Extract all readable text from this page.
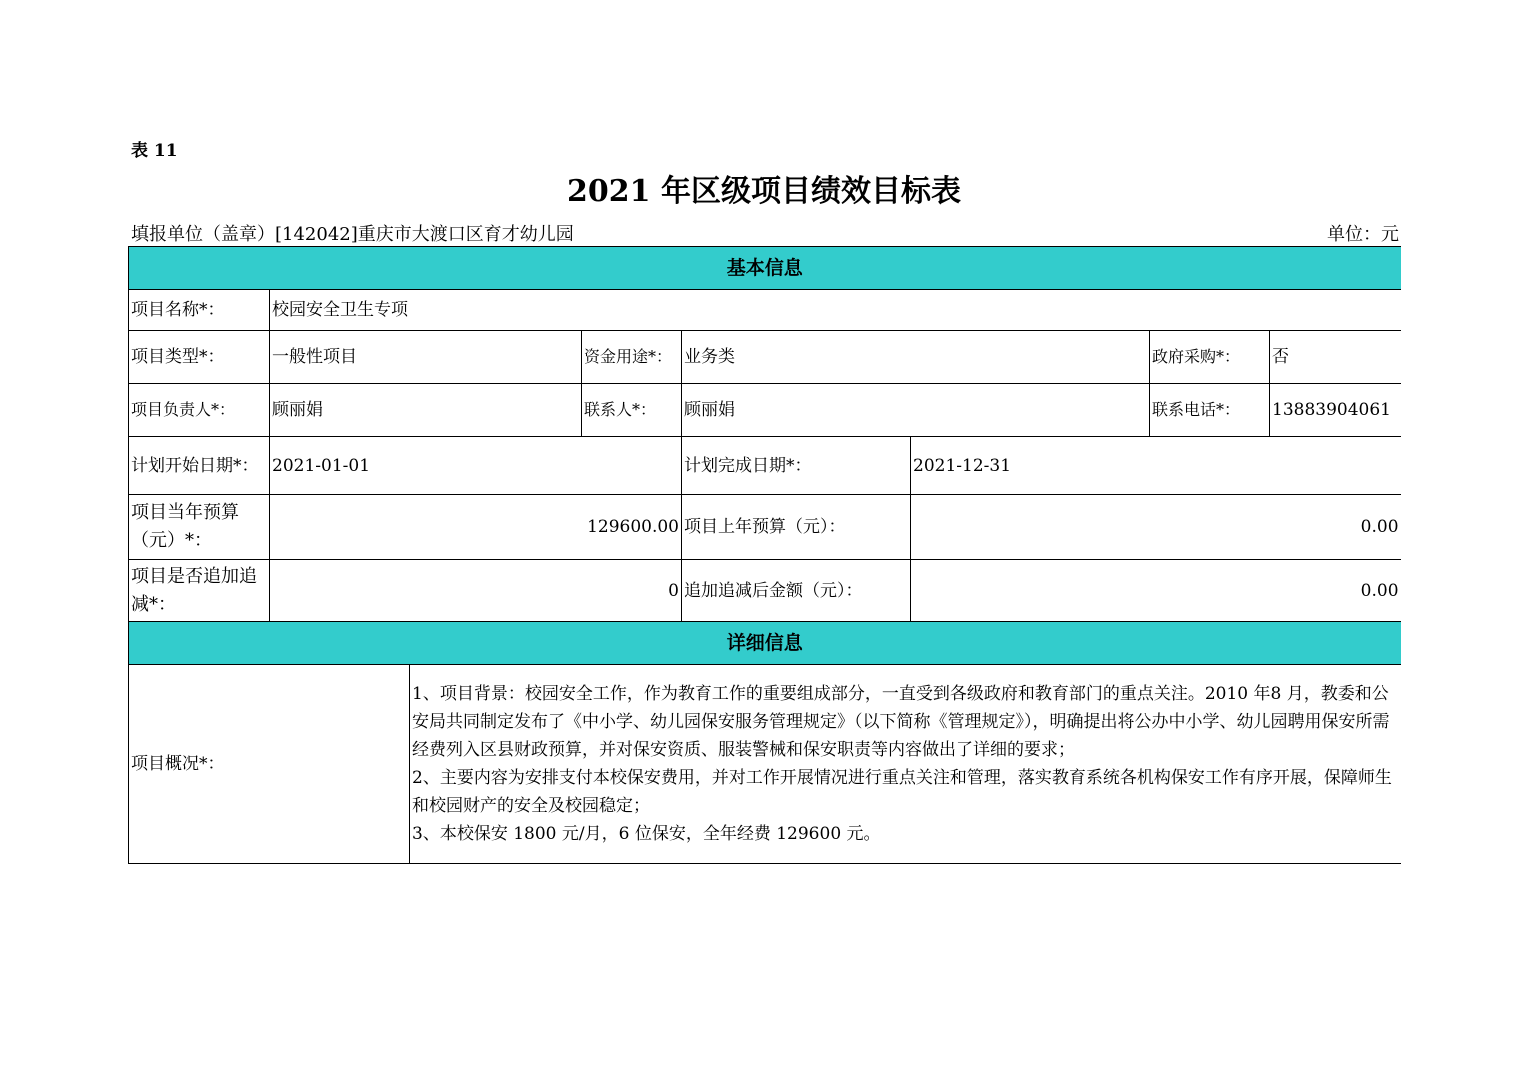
表 11
2021 年区级项目绩效目标表
填报单位（盖章）[142042]重庆市大渡口区育才幼儿园	单位：元
基本信息							
项目名称*：	校园安全卫生专项						
项目类型*：	一般性项目		资金用途*：	业务类		政府采购*：	否
项目负责人*：	顾丽娟		联系人*：	顾丽娟		联系电话*：	13883904061
计划开始日期*：	2021-01-01			计划完成日期*：	2021-12-31		
项目当年预算（元）*：	129600.00			项目上年预算（元）：	0.00		
项目是否追加追减*：	0			追加追减后金额（元）：	0.00		
详细信息							
项目概况*：		1、项目背景：校园安全工作，作为教育工作的重要组成部分，一直受到各级政府和教育部门的重点关注。2010 年8 月，教委和公安局共同制定发布了《中小学、幼儿园保安服务管理规定》（以下简称《管理规定》），明确提出将公办中小学、幼儿园聘用保安所需经费列入区县财政预算，并对保安资质、服装警械和保安职责等内容做出了详细的要求；
2、主要内容为安排支付本校保安费用，并对工作开展情况进行重点关注和管理，落实教育系统各机构保安工作有序开展，保障师生和校园财产的安全及校园稳定；
3、本校保安 1800 元/月，6 位保安，全年经费 129600 元。					
